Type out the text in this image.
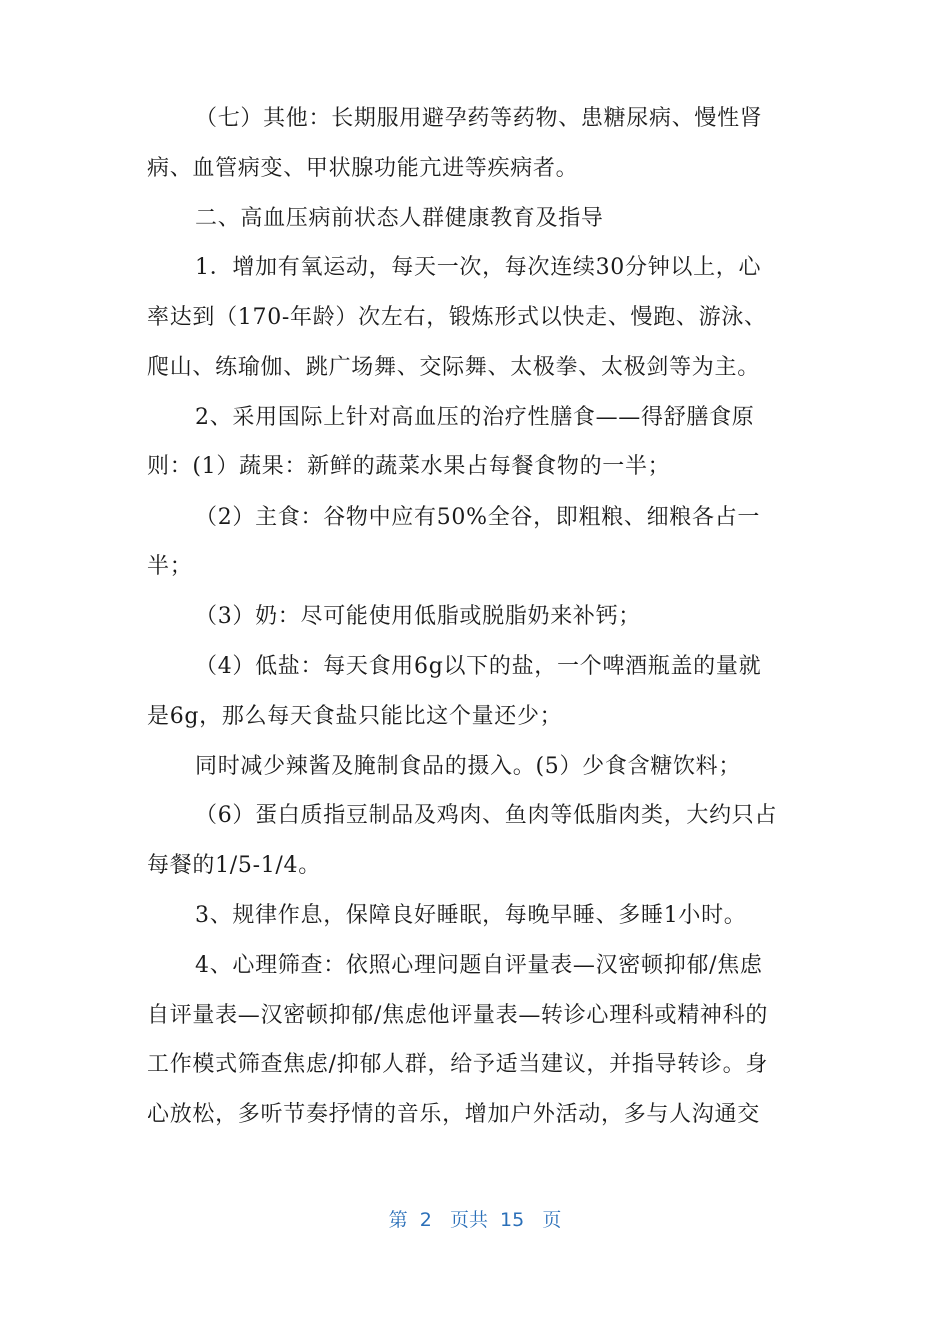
（七）其他：长期服用避孕药等药物、患糖尿病、慢性肾
病、血管病变、甲状腺功能亢进等疾病者。
二、高血压病前状态人群健康教育及指导
1．增加有氧运动，每天一次，每次连续30分钟以上，心
率达到（170-年龄）次左右，锻炼形式以快走、慢跑、游泳、
爬山、练瑜伽、跳广场舞、交际舞、太极拳、太极剑等为主。
2、采用国际上针对高血压的治疗性膳食——得舒膳食原
则：(1）蔬果：新鲜的蔬菜水果占每餐食物的一半；
（2）主食：谷物中应有50%全谷，即粗粮、细粮各占一
半；
（3）奶：尽可能使用低脂或脱脂奶来补钙；
（4）低盐：每天食用6g以下的盐，一个啤酒瓶盖的量就
是6g，那么每天食盐只能比这个量还少；
同时减少辣酱及腌制食品的摄入。(5）少食含糖饮料；
（6）蛋白质指豆制品及鸡肉、鱼肉等低脂肉类，大约只占
每餐的1/5-1/4。
3、规律作息，保障良好睡眠，每晚早睡、多睡1小时。
4、心理筛查：依照心理问题自评量表—汉密顿抑郁/焦虑
自评量表—汉密顿抑郁/焦虑他评量表—转诊心理科或精神科的
工作模式筛查焦虑/抑郁人群，给予适当建议，并指导转诊。身
心放松，多听节奏抒情的音乐，增加户外活动，多与人沟通交
第  2   页共  15   页
